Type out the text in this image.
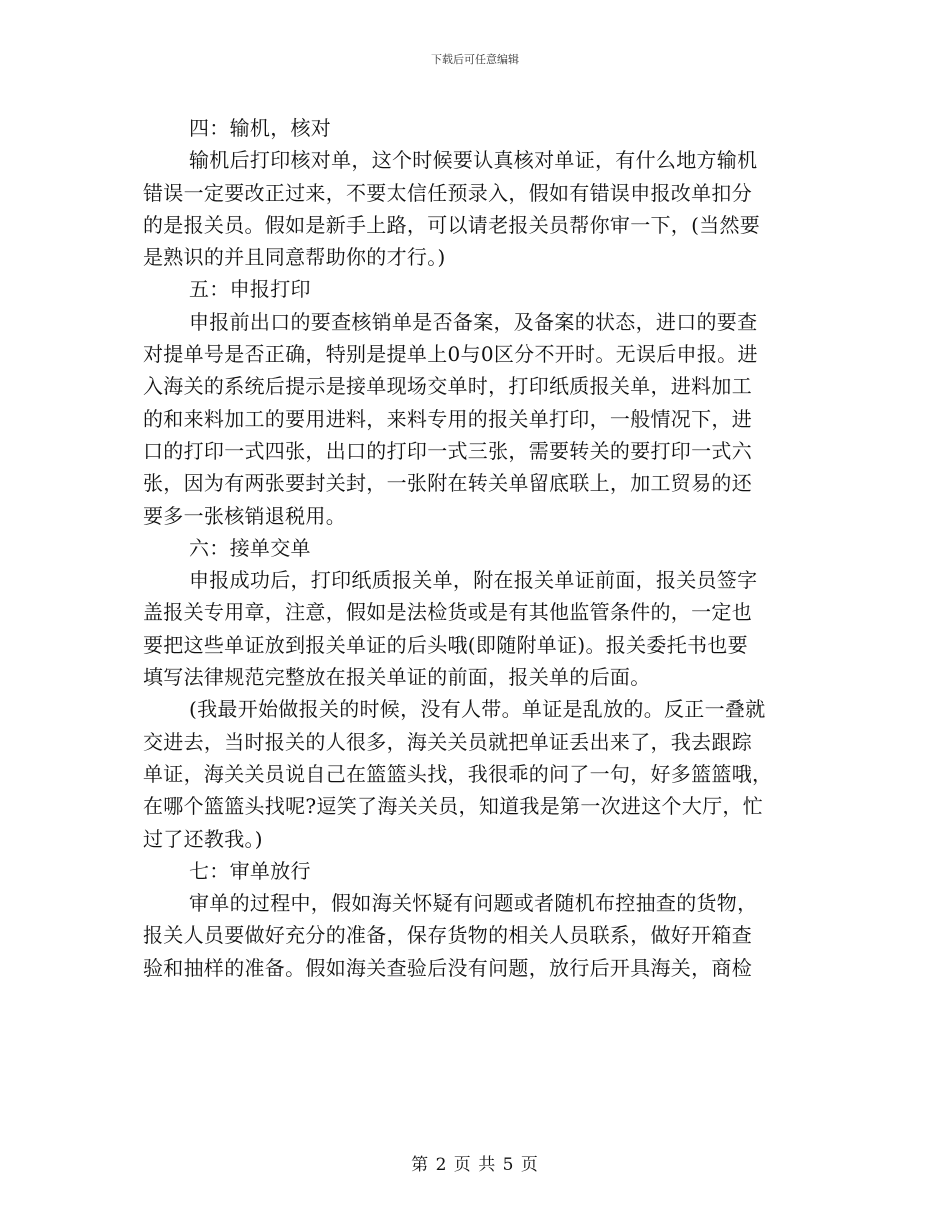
下载后可任意编辑
四：输机，核对
输机后打印核对单，这个时候要认真核对单证，有什么地方输机
错误一定要改正过来，不要太信任预录入，假如有错误申报改单扣分
的是报关员。假如是新手上路，可以请老报关员帮你审一下，(当然要
是熟识的并且同意帮助你的才行。)
五：申报打印
申报前出口的要查核销单是否备案，及备案的状态，进口的要查
对提单号是否正确，特别是提单上0与0区分不开时。无误后申报。进
入海关的系统后提示是接单现场交单时，打印纸质报关单，进料加工
的和来料加工的要用进料，来料专用的报关单打印，一般情况下，进
口的打印一式四张，出口的打印一式三张，需要转关的要打印一式六
张，因为有两张要封关封，一张附在转关单留底联上，加工贸易的还
要多一张核销退税用。
六：接单交单
申报成功后，打印纸质报关单，附在报关单证前面，报关员签字
盖报关专用章，注意，假如是法检货或是有其他监管条件的，一定也
要把这些单证放到报关单证的后头哦(即随附单证)。报关委托书也要
填写法律规范完整放在报关单证的前面，报关单的后面。
(我最开始做报关的时候，没有人带。单证是乱放的。反正一叠就
交进去，当时报关的人很多，海关关员就把单证丢出来了，我去跟踪
单证，海关关员说自己在篮篮头找，我很乖的问了一句，好多篮篮哦，
在哪个篮篮头找呢?逗笑了海关关员，知道我是第一次进这个大厅，忙
过了还教我。)
七：审单放行
审单的过程中，假如海关怀疑有问题或者随机布控抽查的货物，
报关人员要做好充分的准备，保存货物的相关人员联系，做好开箱查
验和抽样的准备。假如海关查验后没有问题，放行后开具海关，商检
第 2 页 共 5 页
